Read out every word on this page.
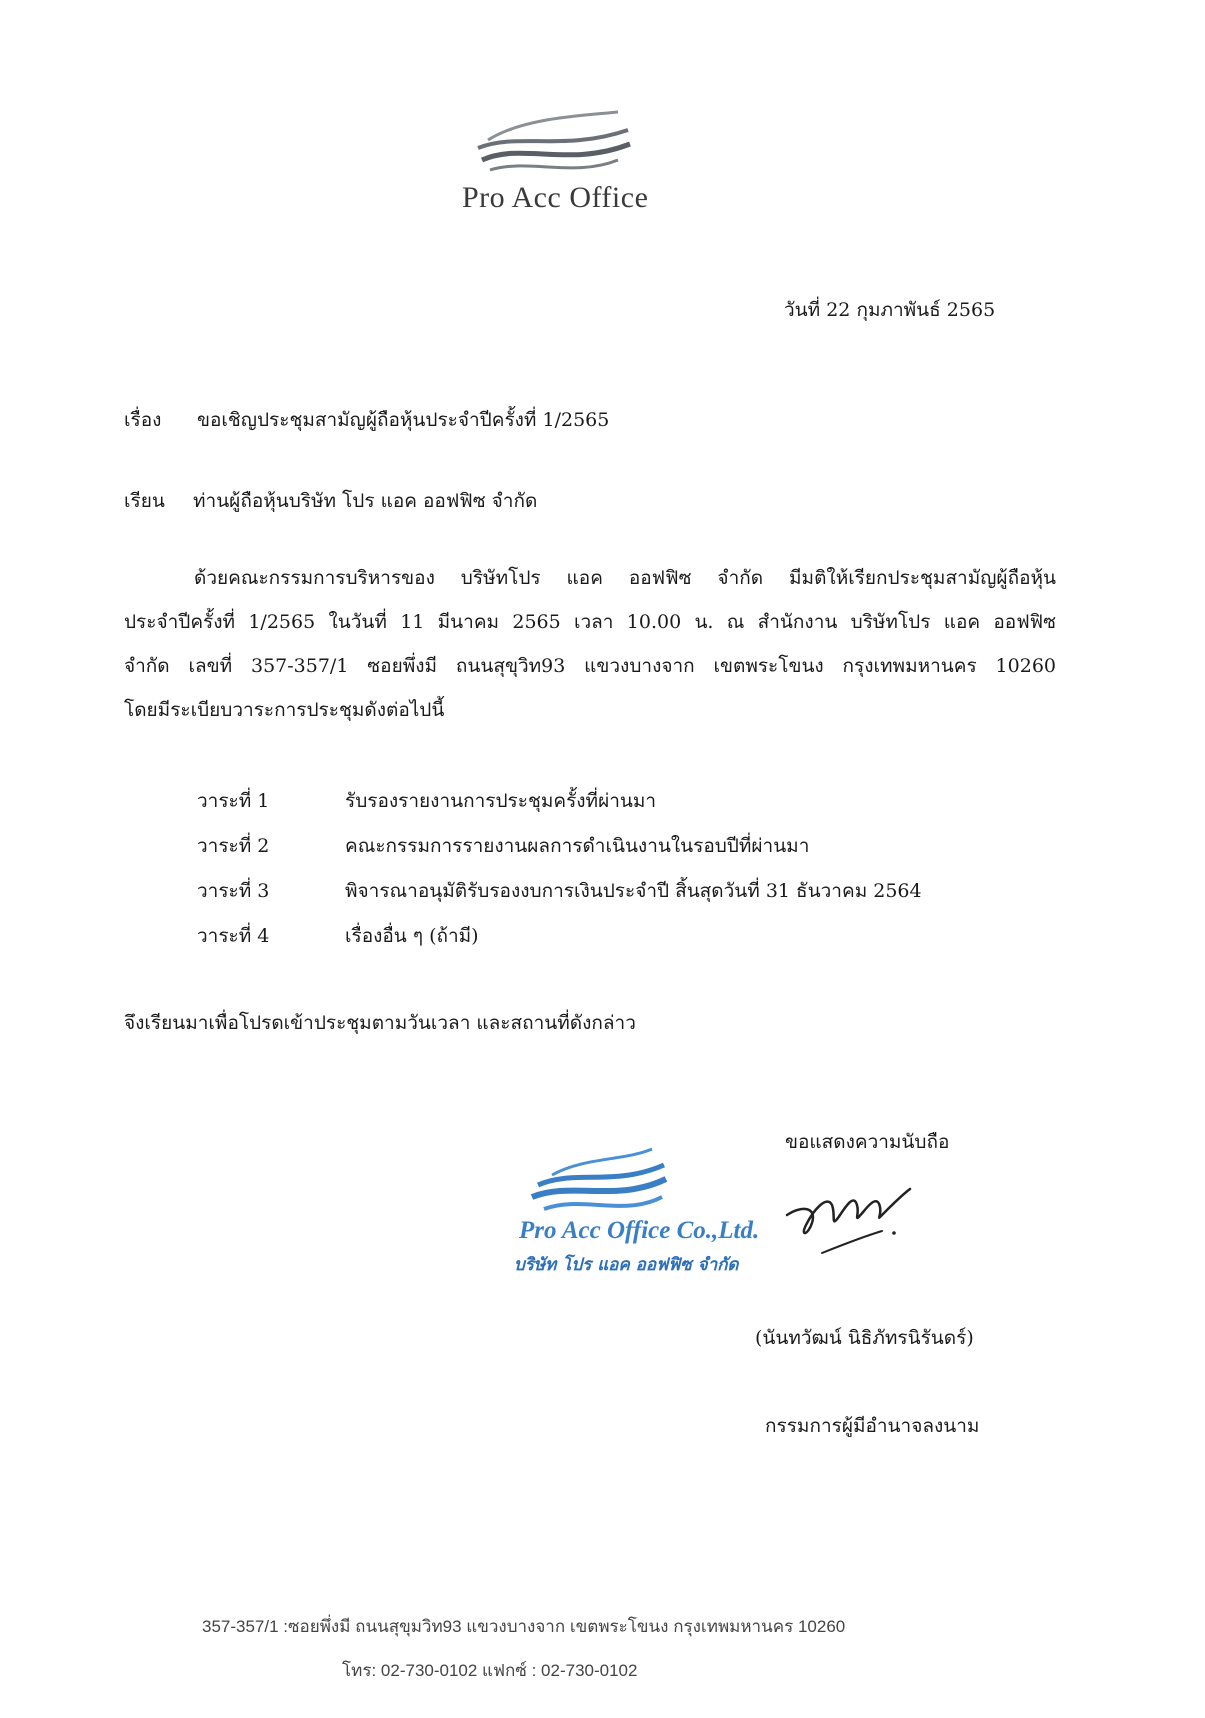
Pro Acc Office
วันที่ 22 กุมภาพันธ์ 2565
เรื่อง ขอเชิญประชุมสามัญผู้ถือหุ้นประจำปีครั้งที่ 1/2565
เรียน ท่านผู้ถือหุ้นบริษัท โปร แอค ออฟฟิซ จำกัด

ด้วยคณะกรรมการบริหารของ บริษัทโปร แอค ออฟฟิซ จำกัด มีมติให้เรียกประชุมสามัญผู้ถือหุ้น

ประจำปีครั้งที่ 1/2565 ในวันที่ 11 มีนาคม 2565 เวลา 10.00 น. ณ สำนักงาน บริษัทโปร แอค ออฟฟิซ

จำกัด เลขที่ 357-357/1 ซอยพึ่งมี ถนนสุขุวิท93 แขวงบางจาก เขตพระโขนง กรุงเทพมหานคร 10260

โดยมีระเบียบวาระการประชุมดังต่อไปนี้

วาระที่ 1	รับรองรายงานการประชุมครั้งที่ผ่านมา
วาระที่ 2	คณะกรรมการรายงานผลการดำเนินงานในรอบปีที่ผ่านมา
วาระที่ 3	พิจารณาอนุมัติรับรองงบการเงินประจำปี สิ้นสุดวันที่ 31 ธันวาคม 2564
วาระที่ 4	เรื่องอื่น ๆ (ถ้ามี)
จึงเรียนมาเพื่อโปรดเข้าประชุมตามวันเวลา และสถานที่ดังกล่าว
ขอแสดงความนับถือ
Pro Acc Office Co.,Ltd.
บริษัท โปร แอค ออฟฟิซ จำกัด
(นันทวัฒน์ นิธิภัทรนิรันดร์)
กรรมการผู้มีอำนาจลงนาม
357-357/1 :ซอยพึ่งมี ถนนสุขุมวิท93 แขวงบางจาก เขตพระโขนง กรุงเทพมหานคร 10260
โทร: 02-730-0102 แฟกซ์ : 02-730-0102
